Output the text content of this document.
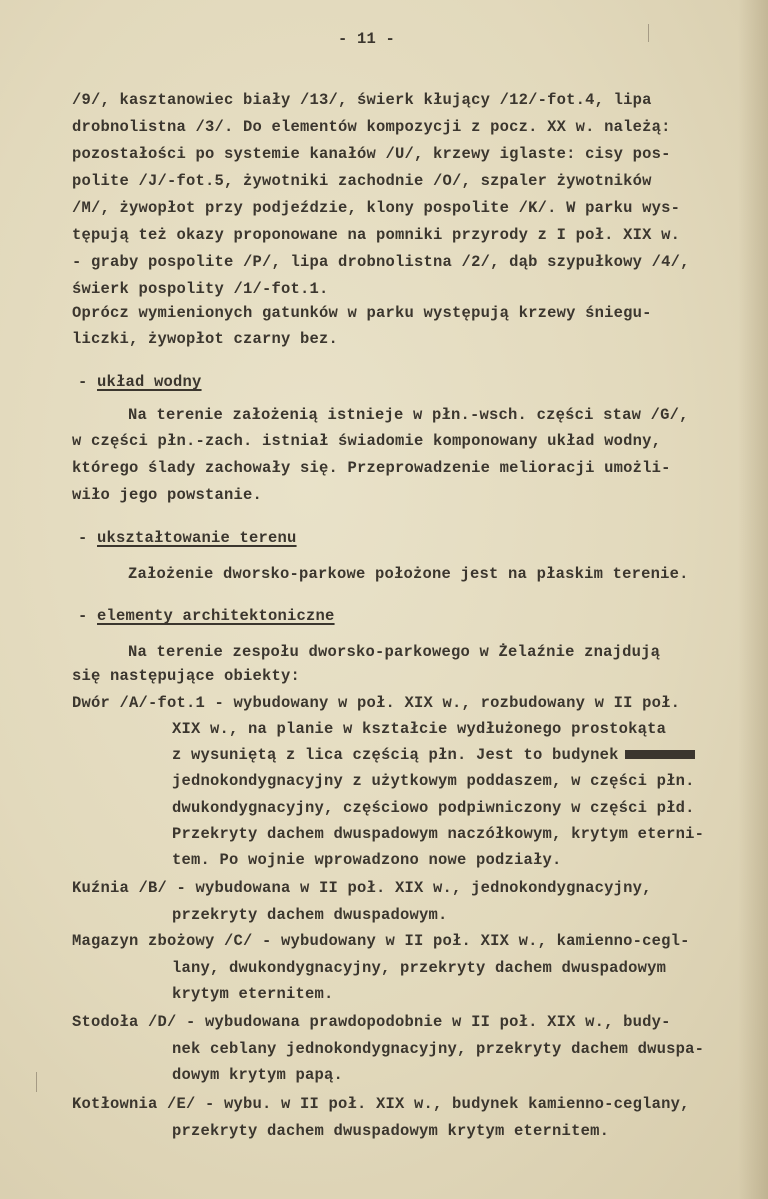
- 11 -
/9/, kasztanowiec biały /13/, świerk kłujący /12/-fot.4, lipa
drobnolistna /3/. Do elementów kompozycji z pocz. XX w. należą:
pozostałości po systemie kanałów /U/, krzewy iglaste: cisy pos-
polite /J/-fot.5, żywotniki zachodnie /O/, szpaler żywotników
/M/, żywopłot przy podjeździe, klony pospolite /K/. W parku wys-
tępują też okazy proponowane na pomniki przyrody z I poł. XIX w.
- graby pospolite /P/, lipa drobnolistna /2/, dąb szypułkowy /4/,
świerk pospolity /1/-fot.1.
Oprócz wymienionych gatunków w parku występują krzewy śniegu-
liczki, żywopłot czarny bez.
- układ wodny
Na terenie założenią istnieje w płn.-wsch. części staw /G/,
w części płn.-zach. istniał świadomie komponowany układ wodny,
którego ślady zachowały się. Przeprowadzenie melioracji umożli-
wiło jego powstanie.
- ukształtowanie terenu
Założenie dworsko-parkowe położone jest na płaskim terenie.
- elementy architektoniczne
Na terenie zespołu dworsko-parkowego w Żelaźnie znajdują
się następujące obiekty:
Dwór /A/-fot.1 - wybudowany w poł. XIX w., rozbudowany w II poł.
XIX w., na planie w kształcie wydłużonego prostokąta
z wysuniętą z lica częścią płn. Jest to budynek
jednokondygnacyjny z użytkowym poddaszem, w części płn.
dwukondygnacyjny, częściowo podpiwniczony w części płd.
Przekryty dachem dwuspadowym naczółkowym, krytym eterni-
tem. Po wojnie wprowadzono nowe podziały.
Kuźnia /B/ - wybudowana w II poł. XIX w., jednokondygnacyjny,
przekryty dachem dwuspadowym.
Magazyn zbożowy /C/ - wybudowany w II poł. XIX w., kamienno-cegl-
lany, dwukondygnacyjny, przekryty dachem dwuspadowym
krytym eternitem.
Stodoła /D/ - wybudowana prawdopodobnie w II poł. XIX w., budy-
nek ceblany jednokondygnacyjny, przekryty dachem dwuspa-
dowym krytym papą.
Kotłownia /E/ - wybu. w II poł. XIX w., budynek kamienno-ceglany,
przekryty dachem dwuspadowym krytym eternitem.
